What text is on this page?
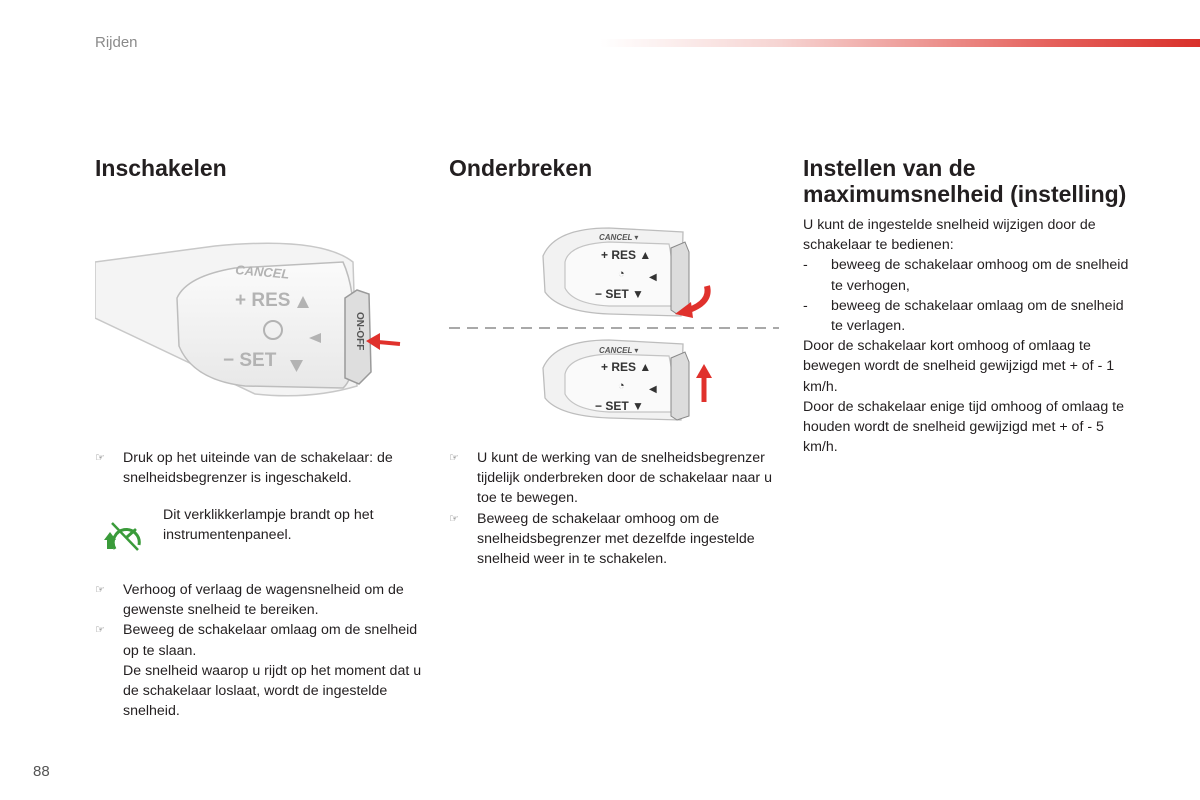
Rijden
Inschakelen
CANCEL
+ RES
− SET
ON-OFF
☞ Druk op het uiteinde van de schakelaar: de snelheidsbegrenzer is ingeschakeld.
Dit verklikkerlampje brandt op het instrumentenpaneel.
☞ Verhoog of verlaag de wagensnelheid om de gewenste snelheid te bereiken.
☞ Beweeg de schakelaar omlaag om de snelheid op te slaan.
De snelheid waarop u rijdt op het moment dat u de schakelaar loslaat, wordt de ingestelde snelheid.
Onderbreken
CANCEL ▾
+ RES ▲
◔ ◀
− SET ▼
CANCEL ▾
+ RES ▲
◔ ◀
− SET ▼
☞ U kunt de werking van de snelheidsbegrenzer tijdelijk onderbreken door de schakelaar naar u toe te bewegen.
☞ Beweeg de schakelaar omhoog om de snelheidsbegrenzer met dezelfde ingestelde snelheid weer in te schakelen.
Instellen van de
maximumsnelheid (instelling)
U kunt de ingestelde snelheid wijzigen door de schakelaar te bedienen:
- beweeg de schakelaar omhoog om de snelheid te verhogen,
- beweeg de schakelaar omlaag om de snelheid te verlagen.
Door de schakelaar kort omhoog of omlaag te bewegen wordt de snelheid gewijzigd met + of - 1 km/h.
Door de schakelaar enige tijd omhoog of omlaag te houden wordt de snelheid gewijzigd met + of - 5 km/h.
88
